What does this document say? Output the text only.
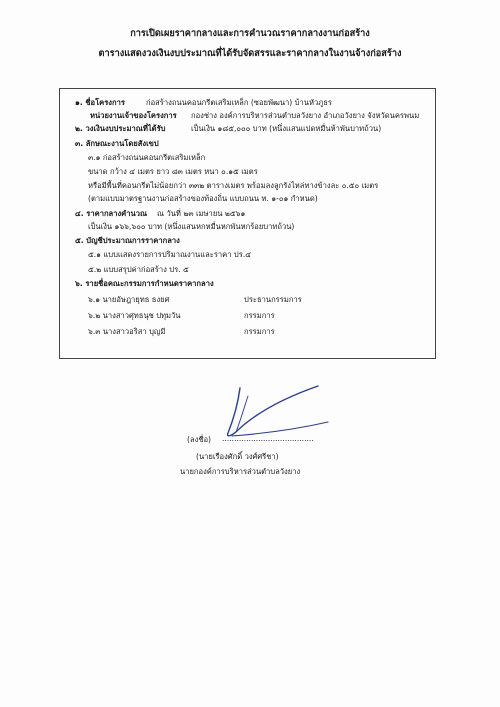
การเปิดเผยราคากลางและการคำนวณราคากลางงานก่อสร้าง
ตารางแสดงวงเงินงบประมาณที่ได้รับจัดสรรและราคากลางในงานจ้างก่อสร้าง
๑. ชื่อโครงการ	ก่อสร้างถนนคอนกรีตเสริมเหล็ก (ซอยพัฒนา) บ้านหัวภูธร
หน่วยงานเจ้าของโครงการ กองช่าง องค์การบริหารส่วนตำบลวังยาง อำเภอวังยาง จังหวัดนครพนม
๒. วงเงินงบประมาณที่ได้รับ	เป็นเงิน ๑๘๕,๐๐๐ บาท (หนึ่งแสนแปดหมื่นห้าพันบาทถ้วน)
๓. ลักษณะงานโดยสังเขป
๓.๑ ก่อสร้างถนนคอนกรีตเสริมเหล็ก
ขนาด กว้าง ๔ เมตร ยาว ๘๓ เมตร หนา ๐.๑๕ เมตร
หรือมีพื้นที่คอนกรีตไม่น้อยกว่า ๓๓๒ ตารางเมตร พร้อมลงลูกรังไหล่ทางข้างละ ๐.๕๐ เมตร
(ตามแบบมาตรฐานงานก่อสร้างของท้องถิ่น แบบถนน ท. ๑-๐๑ กำหนด)
๔. ราคากลางคำนวณ ณ วันที่ ๒๓ เมษายน ๒๕๖๑
เป็นเงิน ๑๖๖,๖๐๐ บาท (หนึ่งแสนหกหมื่นหกพันหกร้อยบาทถ้วน)
๕. บัญชีประมาณการราคากลาง
๕.๑ แบบแสดงรายการปริมาณงานและราคา ปร.๔
๕.๒ แบบสรุปค่าก่อสร้าง ปร. ๕
๖. รายชื่อคณะกรรมการกำหนดราคากลาง
๖.๑ นายอัษฎายุทธ ธงยศ	ประธานกรรมการ
๖.๒ นางสาวศุทธนุช ปทุมวัน	กรรมการ
๖.๓ นางสาวอริสา บุญมี	กรรมการ
(ลงชื่อ) ......................................
(นายเรืองศักดิ์ วงศ์ศรีชา)
นายกองค์การบริหารส่วนตำบลวังยาง
